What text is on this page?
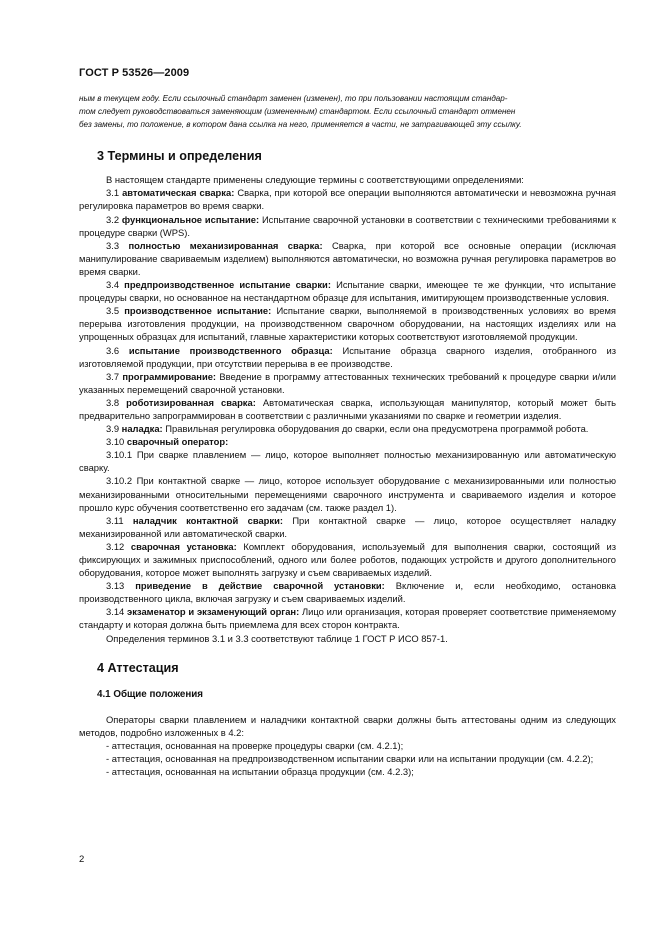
ГОСТ Р 53526—2009

ным в текущем году. Если ссылочный стандарт заменен (изменен), то при пользовании настоящим стандар-

том следует руководствоваться заменяющим (измененным) стандартом. Если ссылочный стандарт отменен

без замены, то положение, в котором дана ссылка на него, применяется в части, не затрагивающей эту ссылку.

3 Термины и определения

В настоящем стандарте применены следующие термины с соответствующими определениями:

3.1 автоматическая сварка: Сварка, при которой все операции выполняются автоматически и невозможна ручная регулировка параметров во время сварки.

3.2 функциональное испытание: Испытание сварочной установки в соответствии с техническими требованиями к процедуре сварки (WPS).

3.3 полностью механизированная сварка: Сварка, при которой все основные операции (исключая манипулирование свариваемым изделием) выполняются автоматически, но возможна ручная регулировка параметров во время сварки.

3.4 предпроизводственное испытание сварки: Испытание сварки, имеющее те же функции, что испытание процедуры сварки, но основанное на нестандартном образце для испытания, имитирующем производственные условия.

3.5 производственное испытание: Испытание сварки, выполняемой в производственных условиях во время перерыва изготовления продукции, на производственном сварочном оборудовании, на настоящих изделиях или на упрощенных образцах для испытаний, главные характеристики которых соответствуют изготовляемой продукции.

3.6 испытание производственного образца: Испытание образца сварного изделия, отобранного из изготовляемой продукции, при отсутствии перерыва в ее производстве.

3.7 программирование: Введение в программу аттестованных технических требований к процедуре сварки и/или указанных перемещений сварочной установки.

3.8 роботизированная сварка: Автоматическая сварка, использующая манипулятор, который может быть предварительно запрограммирован в соответствии с различными указаниями по сварке и геометрии изделия.

3.9 наладка: Правильная регулировка оборудования до сварки, если она предусмотрена программой робота.

3.10 сварочный оператор:

3.10.1 При сварке плавлением — лицо, которое выполняет полностью механизированную или автоматическую сварку.

3.10.2 При контактной сварке — лицо, которое использует оборудование с механизированными или полностью механизированными относительными перемещениями сварочного инструмента и свариваемого изделия и которое прошло курс обучения соответственно его задачам (см. также раздел 1).

3.11 наладчик контактной сварки: При контактной сварке — лицо, которое осуществляет наладку механизированной или автоматической сварки.

3.12 сварочная установка: Комплект оборудования, используемый для выполнения сварки, состоящий из фиксирующих и зажимных приспособлений, одного или более роботов, подающих устройств и другого дополнительного оборудования, которое может выполнять загрузку и съем свариваемых изделий.

3.13 приведение в действие сварочной установки: Включение и, если необходимо, остановка производственного цикла, включая загрузку и съем свариваемых изделий.

3.14 экзаменатор и экзаменующий орган: Лицо или организация, которая проверяет соответствие применяемому стандарту и которая должна быть приемлема для всех сторон контракта.

Определения терминов 3.1 и 3.3 соответствуют таблице 1 ГОСТ Р ИСО 857-1.

4 Аттестация
4.1 Общие положения

Операторы сварки плавлением и наладчики контактной сварки должны быть аттестованы одним из следующих методов, подробно изложенных в 4.2:

- аттестация, основанная на проверке процедуры сварки (см. 4.2.1);

- аттестация, основанная на предпроизводственном испытании сварки или на испытании продукции (см. 4.2.2);

- аттестация, основанная на испытании образца продукции (см. 4.2.3);

2
